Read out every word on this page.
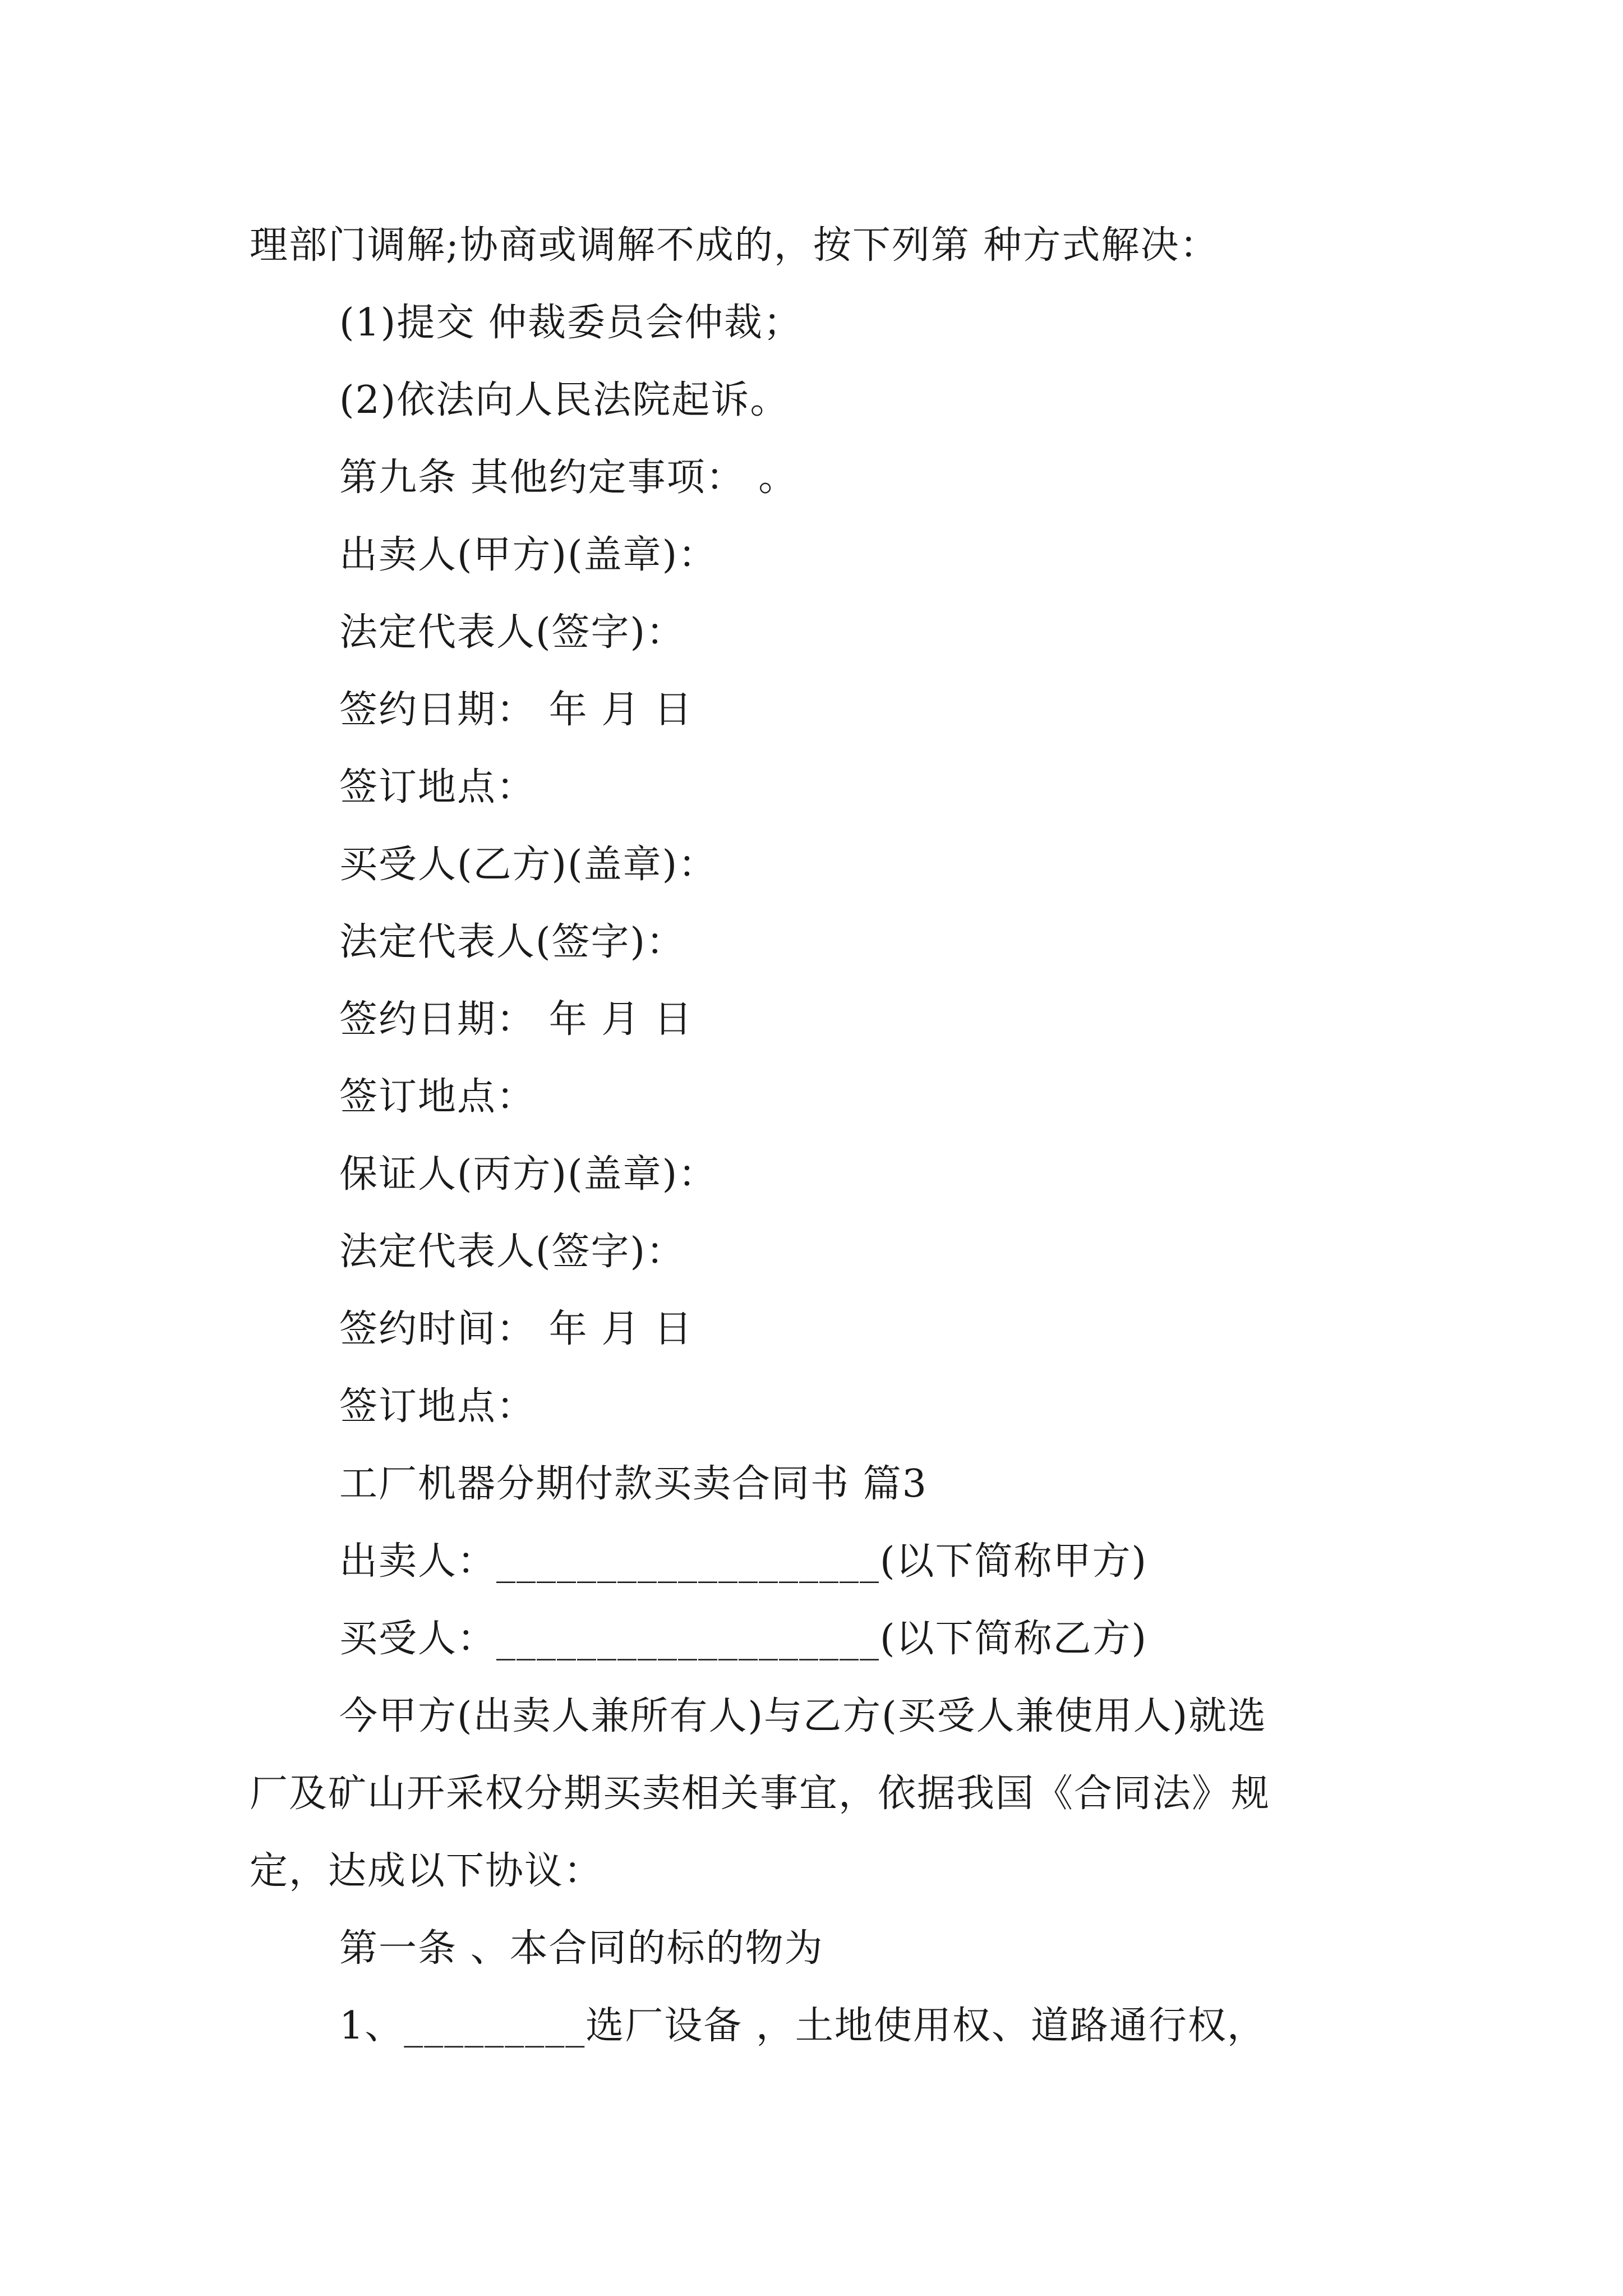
理部门调解;协商或调解不成的，按下列第 种方式解决：
(1)提交 仲裁委员会仲裁；
(2)依法向人民法院起诉。
第九条 其他约定事项： 。
出卖人(甲方)(盖章)：
法定代表人(签字)：
签约日期： 年 月 日
签订地点：
买受人(乙方)(盖章)：
法定代表人(签字)：
签约日期： 年 月 日
签订地点：
保证人(丙方)(盖章)：
法定代表人(签字)：
签约时间： 年 月 日
签订地点：
工厂机器分期付款买卖合同书 篇3
出卖人：___________________(以下简称甲方)
买受人：___________________(以下简称乙方)
今甲方(出卖人兼所有人)与乙方(买受人兼使用人)就选
厂及矿山开采权分期买卖相关事宜，依据我国《合同法》规
定，达成以下协议：
第一条 、本合同的标的物为
1、_________选厂设备 ，土地使用权、道路通行权，
